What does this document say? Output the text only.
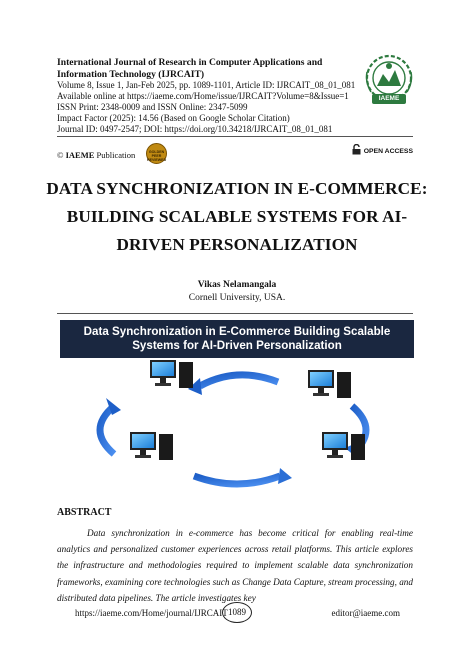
International Journal of Research in Computer Applications and Information Technology (IJRCAIT)
Volume 8, Issue 1, Jan-Feb 2025, pp. 1089-1101, Article ID: IJRCAIT_08_01_081
Available online at https://iaeme.com/Home/issue/IJRCAIT?Volume=8&Issue=1
ISSN Print: 2348-0009 and ISSN Online: 2347-5099
Impact Factor (2025): 14.56 (Based on Google Scholar Citation)
Journal ID: 0497-2547; DOI: https://doi.org/10.34218/IJRCAIT_08_01_081
IAEME
© IAEME Publication	GOLDEN PEER REVIEWED
OPEN ACCESS
DATA SYNCHRONIZATION IN E-COMMERCE: BUILDING SCALABLE SYSTEMS FOR AI-DRIVEN PERSONALIZATION
Vikas Nelamangala
Cornell University, USA.
Data Synchronization in E-Commerce Building Scalable
Systems for AI-Driven Personalization
ABSTRACT
Data synchronization in e-commerce has become critical for enabling real-time analytics and personalized customer experiences across retail platforms. This article explores the infrastructure and methodologies required to implement scalable data synchronization frameworks, examining core technologies such as Change Data Capture, stream processing, and distributed data pipelines. The article investigates key
https://iaeme.com/Home/journal/IJRCAIT 1089	editor@iaeme.com
